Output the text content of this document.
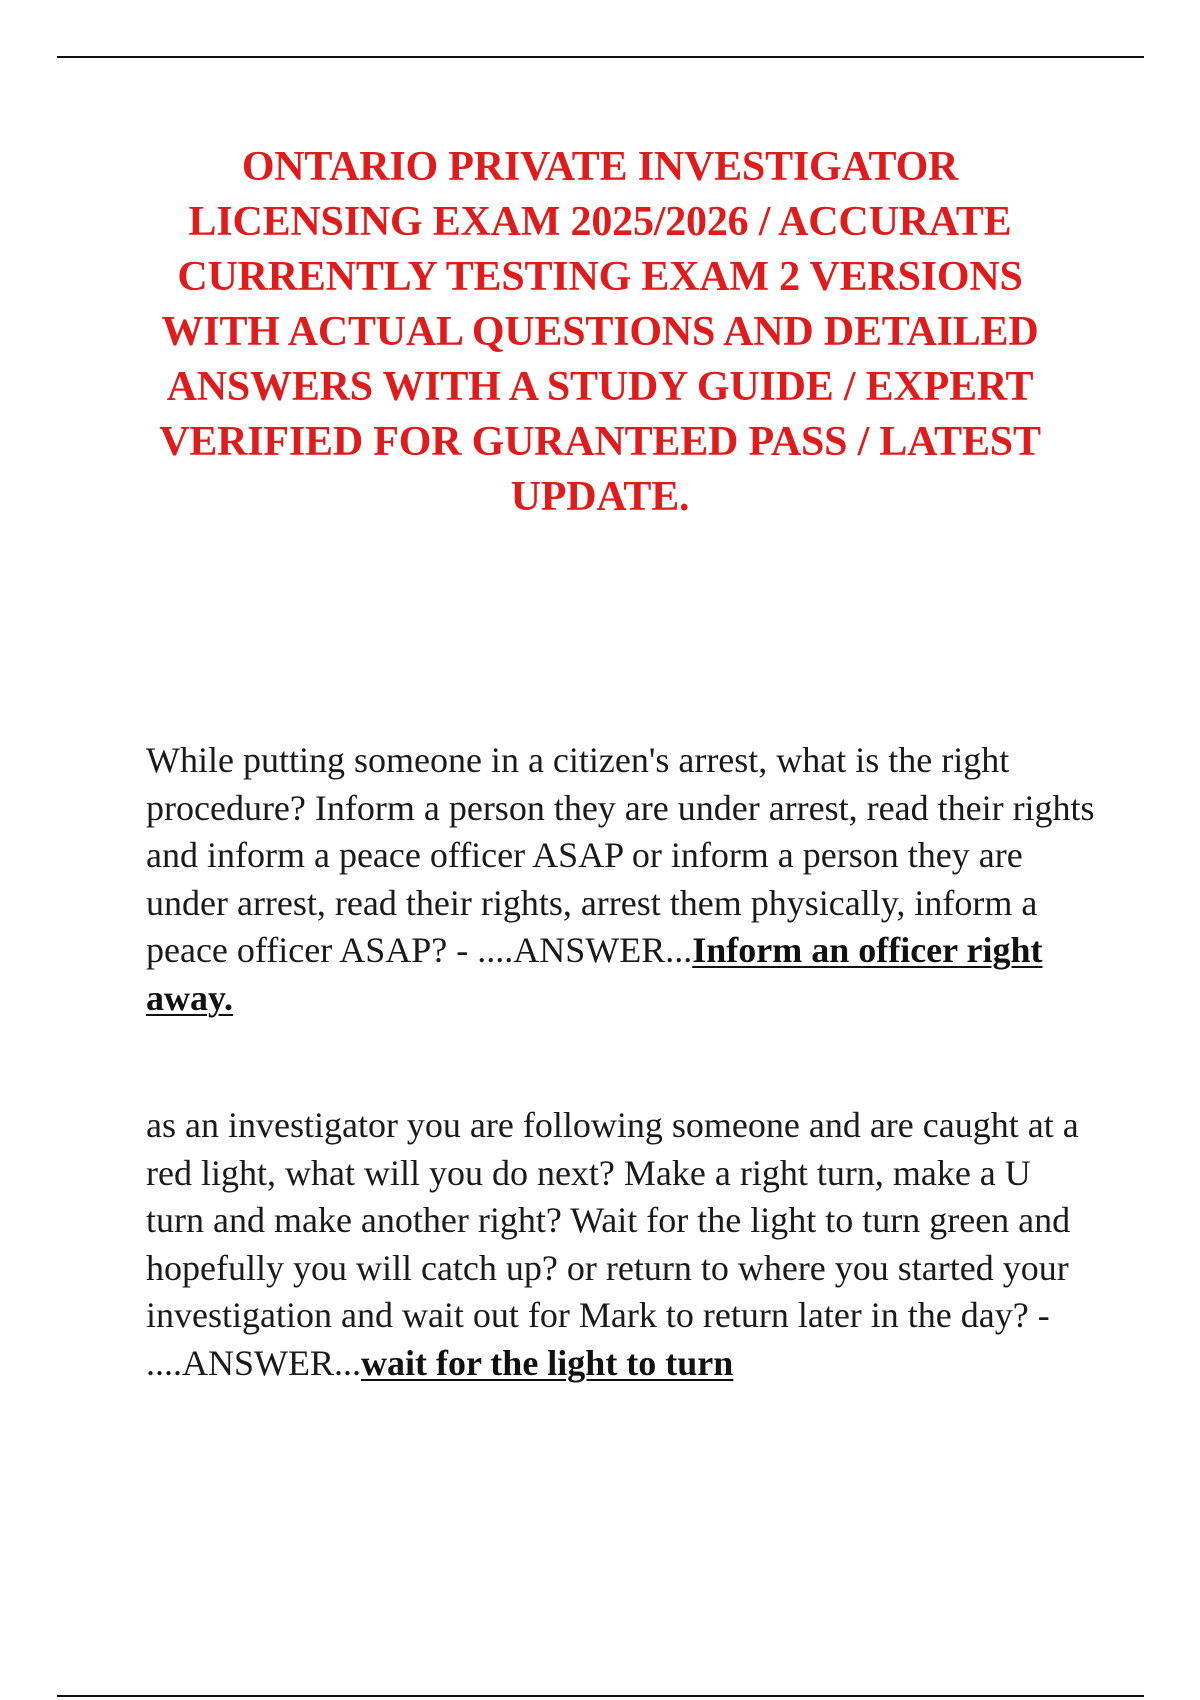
ONTARIO PRIVATE INVESTIGATOR LICENSING EXAM 2025/2026 / ACCURATE CURRENTLY TESTING EXAM 2 VERSIONS WITH ACTUAL QUESTIONS AND DETAILED ANSWERS WITH A STUDY GUIDE / EXPERT VERIFIED FOR GURANTEED PASS / LATEST UPDATE.

While putting someone in a citizen's arrest, what is the right procedure? Inform a person they are under arrest, read their rights and inform a peace officer ASAP or inform a person they are under arrest, read their rights, arrest them physically, inform a peace officer ASAP? - ....ANSWER...Inform an officer right away.

as an investigator you are following someone and are caught at a red light, what will you do next? Make a right turn, make a U turn and make another right? Wait for the light to turn green and hopefully you will catch up? or return to where you started your investigation and wait out for Mark to return later in the day? - ....ANSWER...wait for the light to turn
